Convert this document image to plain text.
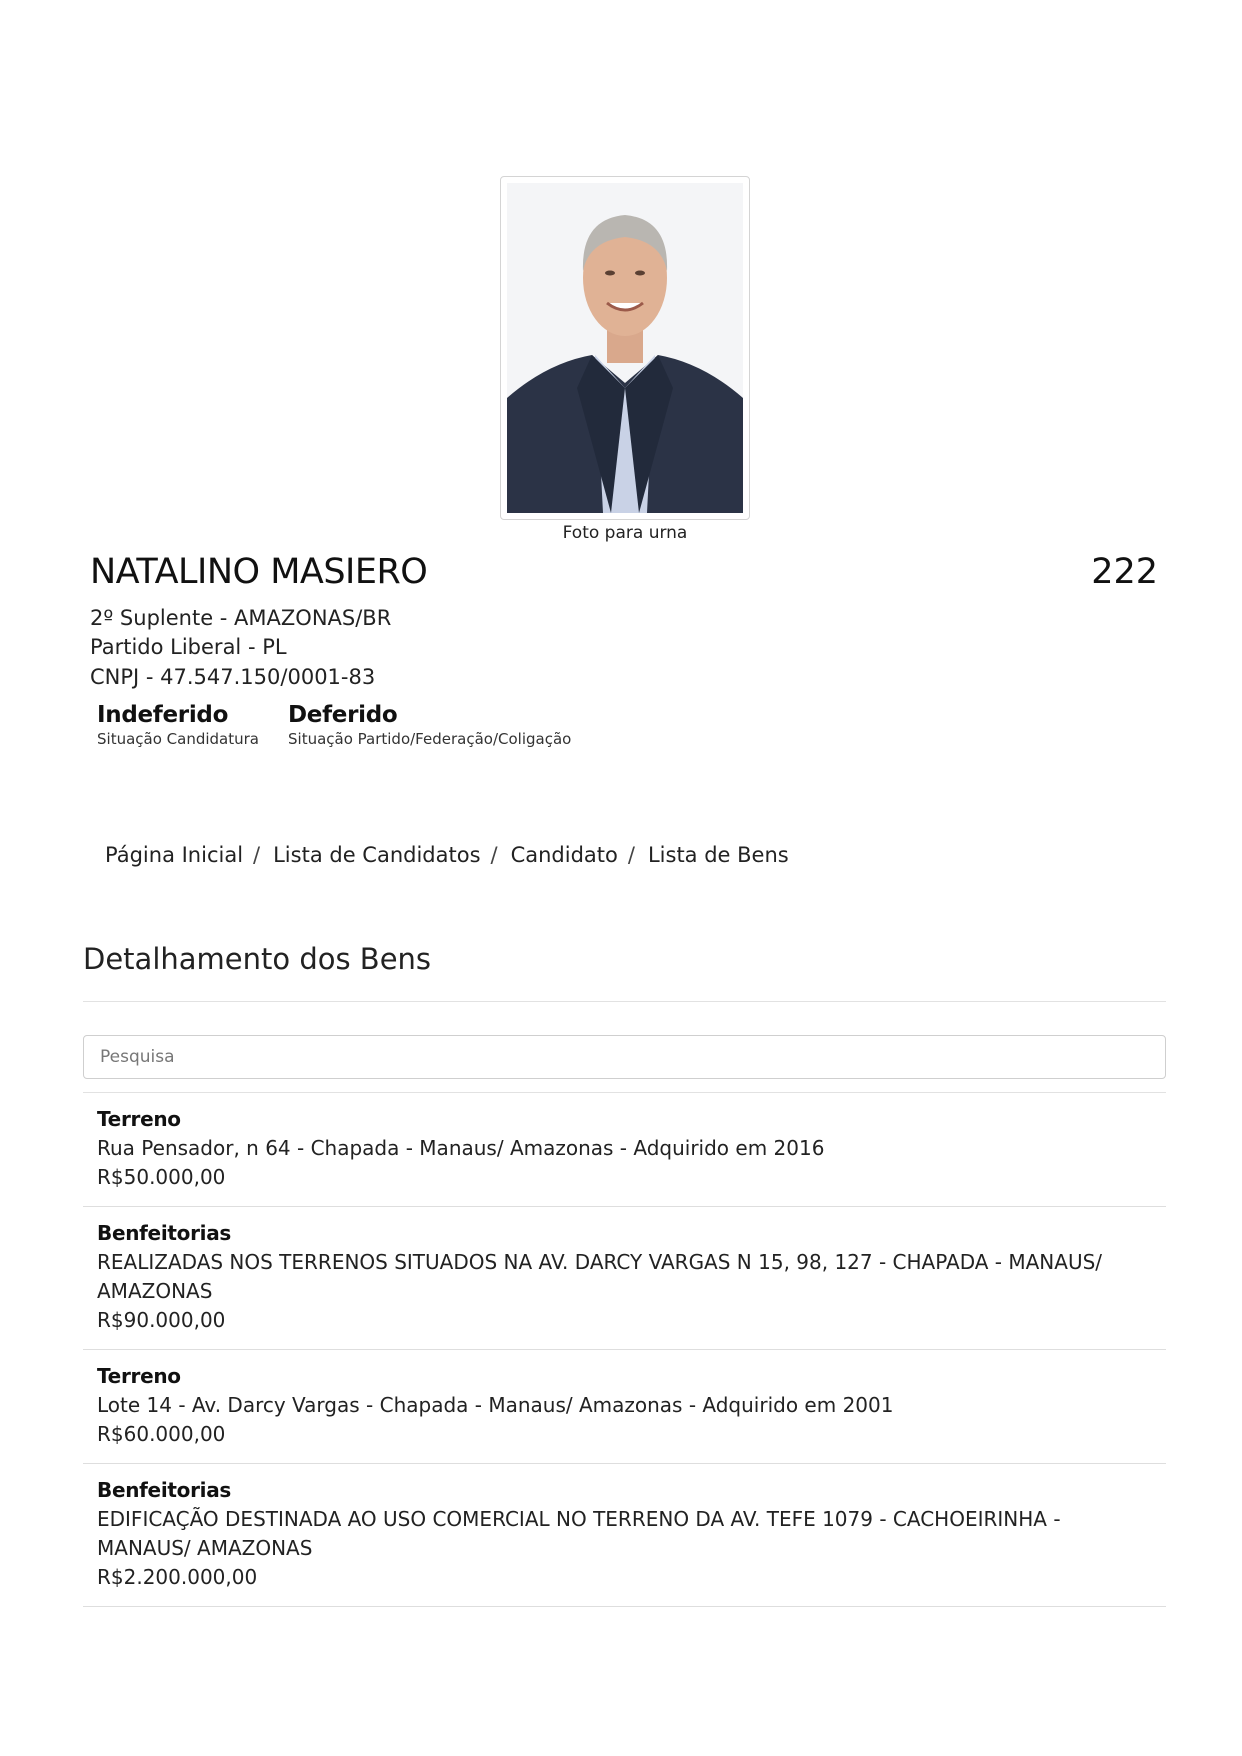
Foto para urna
NATALINO MASIERO	222
2º Suplente - AMAZONAS/BR
Partido Liberal - PL
CNPJ - 47.547.150/0001-83
Indeferido
Situação Candidatura
Deferido
Situação Partido/Federação/Coligação
Página Inicial / Lista de Candidatos / Candidato / Lista de Bens
Detalhamento dos Bens
Pesquisa
Terreno
Rua Pensador, n 64 - Chapada - Manaus/ Amazonas - Adquirido em 2016
R$50.000,00
Benfeitorias
REALIZADAS NOS TERRENOS SITUADOS NA AV. DARCY VARGAS N 15, 98, 127 - CHAPADA - MANAUS/ AMAZONAS
R$90.000,00
Terreno
Lote 14 - Av. Darcy Vargas - Chapada - Manaus/ Amazonas - Adquirido em 2001
R$60.000,00
Benfeitorias
EDIFICAÇÃO DESTINADA AO USO COMERCIAL NO TERRENO DA AV. TEFE 1079 - CACHOEIRINHA - MANAUS/ AMAZONAS
R$2.200.000,00
